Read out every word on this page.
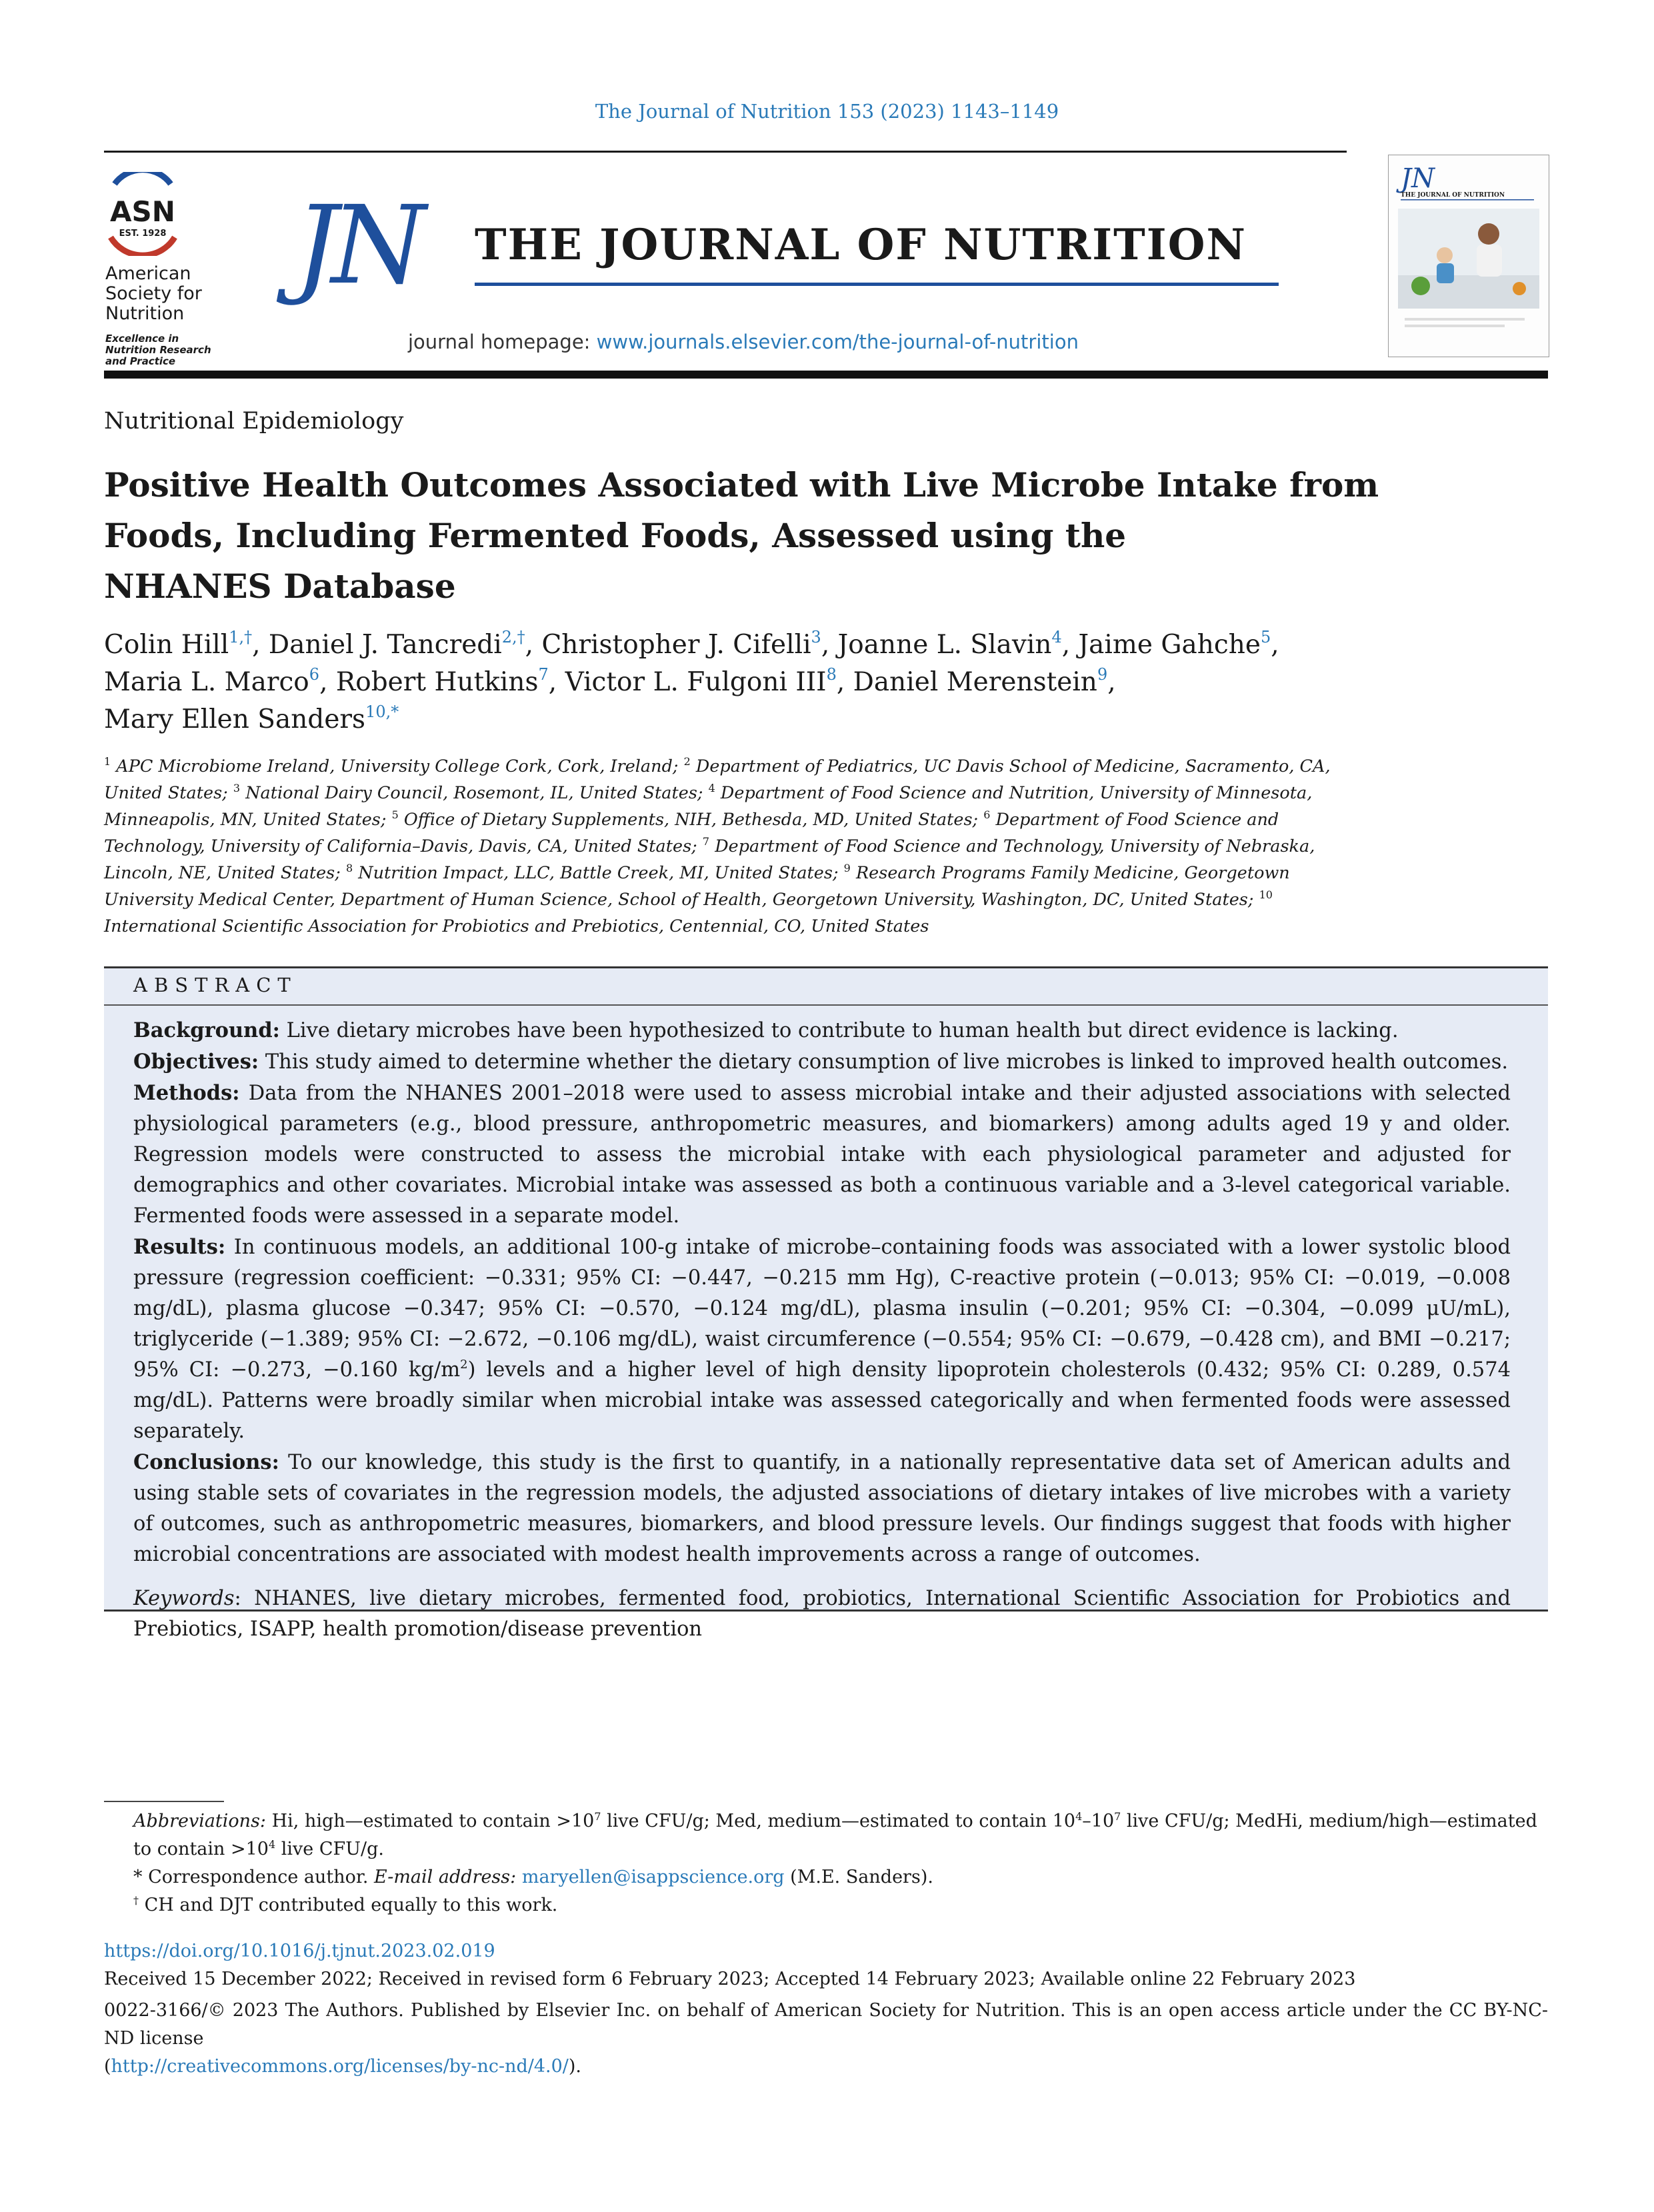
The Journal of Nutrition 153 (2023) 1143–1149
ASN
EST. 1928
American
Society for
Nutrition
Excellence in
Nutrition Research
and Practice
JN THE JOURNAL OF NUTRITION
journal homepage: www.journals.elsevier.com/the-journal-of-nutrition
JN
THE JOURNAL OF NUTRITION
Nutritional Epidemiology
Positive Health Outcomes Associated with Live Microbe Intake from
Foods, Including Fermented Foods, Assessed using the
NHANES Database
Colin Hill$^{1,\dagger}$, Daniel J. Tancredi$^{2,\dagger}$, Christopher J. Cifelli$^3$, Joanne L. Slavin$^4$, Jaime Gahche$^5$,
Maria L. Marco$^6$, Robert Hutkins$^7$, Victor L. Fulgoni III$^8$, Daniel Merenstein$^9$,
Mary Ellen Sanders$^{10,*}$
$^1$ APC Microbiome Ireland, University College Cork, Cork, Ireland; $^2$ Department of Pediatrics, UC Davis School of Medicine, Sacramento, CA, United States; $^3$ National Dairy Council, Rosemont, IL, United States; $^4$ Department of Food Science and Nutrition, University of Minnesota, Minneapolis, MN, United States; $^5$ Office of Dietary Supplements, NIH, Bethesda, MD, United States; $^6$ Department of Food Science and Technology, University of California–Davis, Davis, CA, United States; $^7$ Department of Food Science and Technology, University of Nebraska, Lincoln, NE, United States; $^8$ Nutrition Impact, LLC, Battle Creek, MI, United States; $^9$ Research Programs Family Medicine, Georgetown University Medical Center, Department of Human Science, School of Health, Georgetown University, Washington, DC, United States; $^{10}$ International Scientific Association for Probiotics and Prebiotics, Centennial, CO, United States
ABSTRACT

Background: Live dietary microbes have been hypothesized to contribute to human health but direct evidence is lacking.

Objectives: This study aimed to determine whether the dietary consumption of live microbes is linked to improved health outcomes.

Methods: Data from the NHANES 2001–2018 were used to assess microbial intake and their adjusted associations with selected physiological parameters (e.g., blood pressure, anthropometric measures, and biomarkers) among adults aged 19 y and older. Regression models were constructed to assess the microbial intake with each physiological parameter and adjusted for demographics and other covariates. Microbial intake was assessed as both a continuous variable and a 3-level categorical variable. Fermented foods were assessed in a separate model.

Results: In continuous models, an additional 100-g intake of microbe–containing foods was associated with a lower systolic blood pressure (regression coefficient: −0.331; 95% CI: −0.447, −0.215 mm Hg), C-reactive protein (−0.013; 95% CI: −0.019, −0.008 mg/dL), plasma glucose −0.347; 95% CI: −0.570, −0.124 mg/dL), plasma insulin (−0.201; 95% CI: −0.304, −0.099 μU/mL), triglyceride (−1.389; 95% CI: −2.672, −0.106 mg/dL), waist circumference (−0.554; 95% CI: −0.679, −0.428 cm), and BMI −0.217; 95% CI: −0.273, −0.160 $kg/m^2$) levels and a higher level of high density lipoprotein cholesterols (0.432; 95% CI: 0.289, 0.574 mg/dL). Patterns were broadly similar when microbial intake was assessed categorically and when fermented foods were assessed separately.

Conclusions: To our knowledge, this study is the first to quantify, in a nationally representative data set of American adults and using stable sets of covariates in the regression models, the adjusted associations of dietary intakes of live microbes with a variety of outcomes, such as anthropometric measures, biomarkers, and blood pressure levels. Our findings suggest that foods with higher microbial concentrations are associated with modest health improvements across a range of outcomes.

Keywords: NHANES, live dietary microbes, fermented food, probiotics, International Scientific Association for Probiotics and Prebiotics, ISAPP, health promotion/disease prevention

Abbreviations: Hi, high—estimated to contain $>10^7$ live CFU/g; Med, medium—estimated to contain $10^4-10^7$ live CFU/g; MedHi, medium/high—estimated to contain $>10^4$ live CFU/g.

* Correspondence author. E-mail address: maryellen@isappscience.org (M.E. Sanders).

† CH and DJT contributed equally to this work.

https://doi.org/10.1016/j.tjnut.2023.02.019
Received 15 December 2022; Received in revised form 6 February 2023; Accepted 14 February 2023; Available online 22 February 2023
0022-3166/© 2023 The Authors. Published by Elsevier Inc. on behalf of American Society for Nutrition. This is an open access article under the CC BY-NC-ND license
(http://creativecommons.org/licenses/by-nc-nd/4.0/).
